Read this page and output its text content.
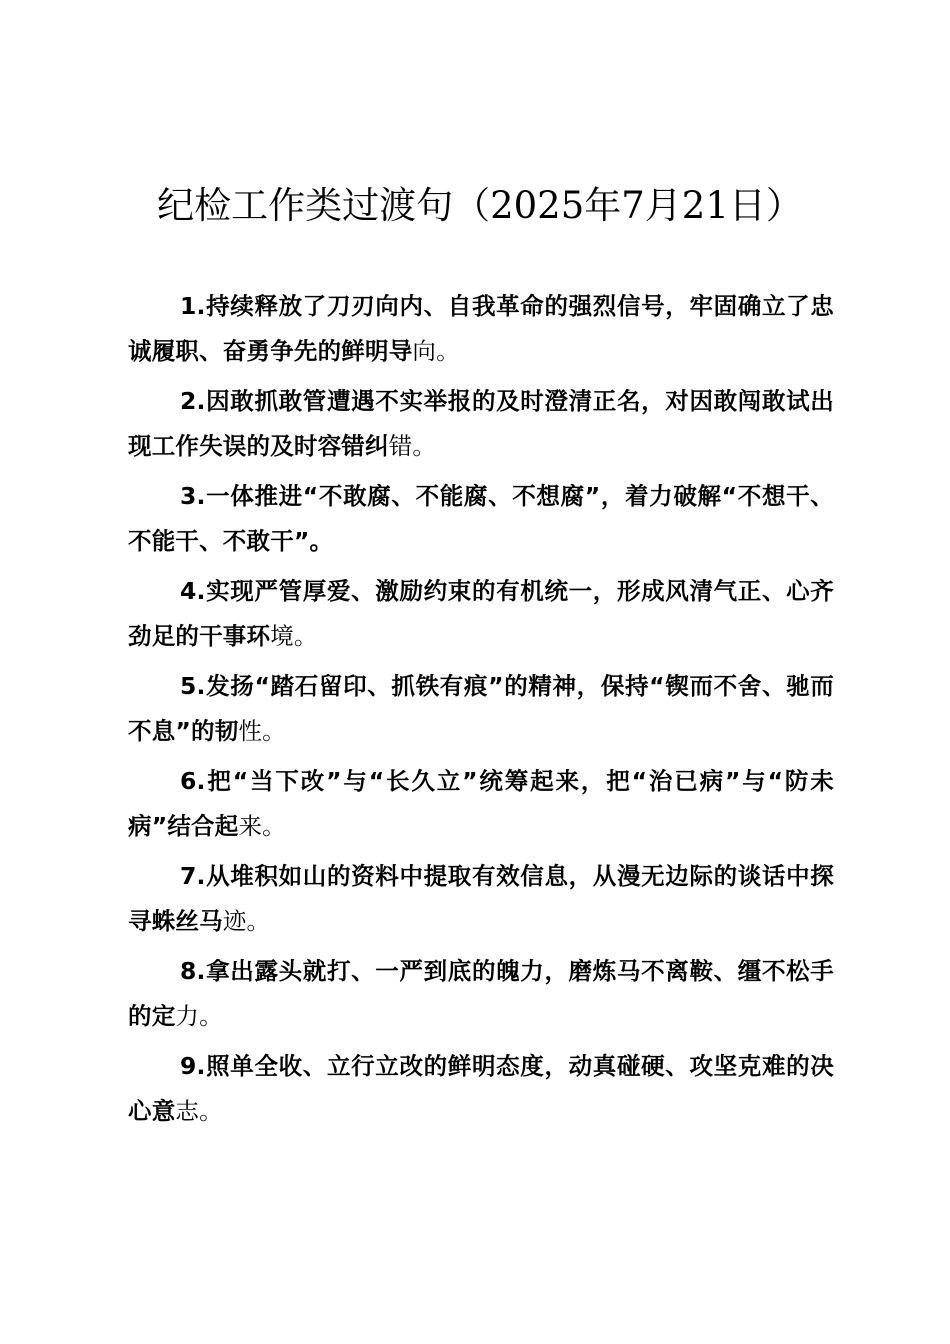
纪检工作类过渡句（2025年7月21日）

1.持续释放了刀刃向内、自我革命的强烈信号，牢固确立了忠诚履职、奋勇争先的鲜明导向。

2.因敢抓敢管遭遇不实举报的及时澄清正名，对因敢闯敢试出现工作失误的及时容错纠错。

3.一体推进“不敢腐、不能腐、不想腐”，着力破解“不想干、不能干、不敢干”。

4.实现严管厚爱、激励约束的有机统一，形成风清气正、心齐劲足的干事环境。

5.发扬“踏石留印、抓铁有痕”的精神，保持“锲而不舍、驰而不息”的韧性。

6.把“当下改”与“长久立”统筹起来，把“治已病”与“防未病”结合起来。

7.从堆积如山的资料中提取有效信息，从漫无边际的谈话中探寻蛛丝马迹。

8.拿出露头就打、一严到底的魄力，磨炼马不离鞍、缰不松手的定力。

9.照单全收、立行立改的鲜明态度，动真碰硬、攻坚克难的决心意志。
